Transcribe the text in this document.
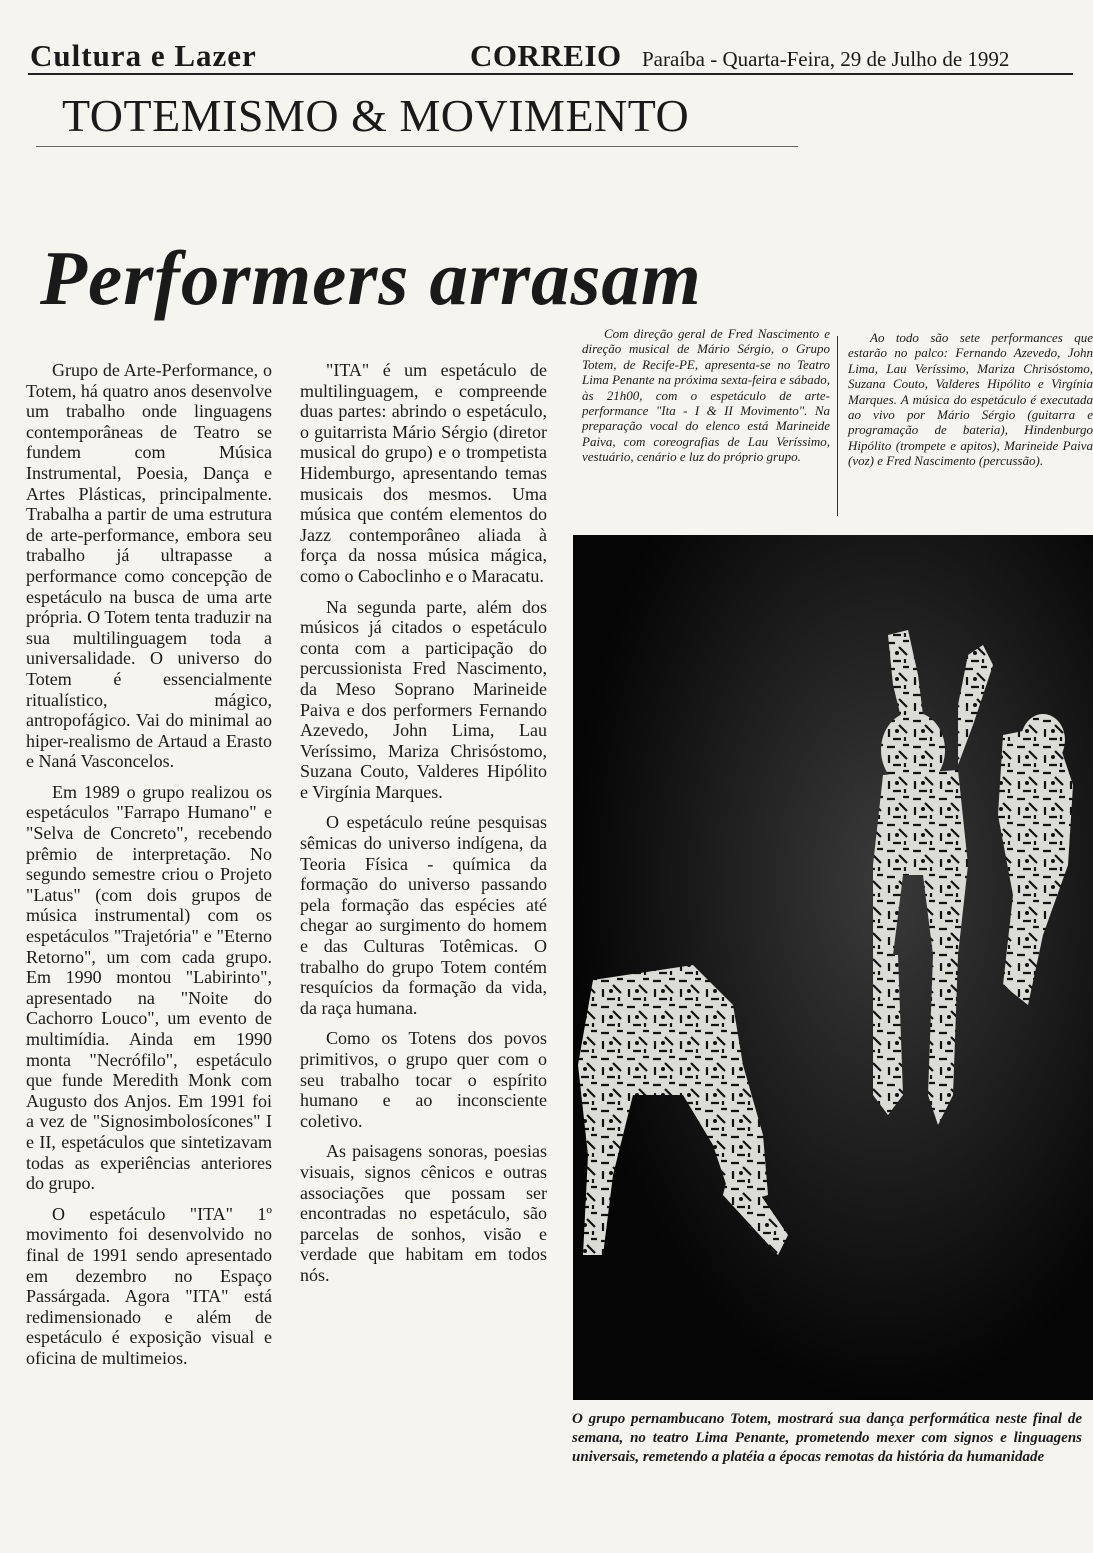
Cultura e Lazer	CORREIO Paraíba - Quarta-Feira, 29 de Julho de 1992
TOTEMISMO & MOVIMENTO
Performers arrasam

Com direção geral de Fred Nascimento e direção musical de Mário Sérgio, o Grupo Totem, de Recife-PE, apresenta-se no Teatro Lima Penante na próxima sexta-feira e sábado, às 21h00, com o espetáculo de arte-performance "Ita - I & II Movimento". Na preparação vocal do elenco está Marineide Paiva, com coreografias de Lau Veríssimo, vestuário, cenário e luz do próprio grupo.

Ao todo são sete performances que estarão no palco: Fernando Azevedo, John Lima, Lau Veríssimo, Mariza Chrisóstomo, Suzana Couto, Valderes Hipólito e Virgínia Marques. A música do espetáculo é executada ao vivo por Mário Sérgio (guitarra e programação de bateria), Hindenburgo Hipólito (trompete e apitos), Marineide Paiva (voz) e Fred Nascimento (percussão).

Grupo de Arte-Performance, o Totem, há quatro anos desenvolve um trabalho onde linguagens contemporâneas de Teatro se fundem com Música Instrumental, Poesia, Dança e Artes Plásticas, principalmente. Trabalha a partir de uma estrutura de arte-performance, embora seu trabalho já ultrapasse a performance como concepção de espetáculo na busca de uma arte própria. O Totem tenta traduzir na sua multilinguagem toda a universalidade. O universo do Totem é essencialmente ritualístico, mágico, antropofágico. Vai do minimal ao hiper-realismo de Artaud a Erasto e Naná Vasconcelos.

Em 1989 o grupo realizou os espetáculos "Farrapo Humano" e "Selva de Concreto", recebendo prêmio de interpretação. No segundo semestre criou o Projeto "Latus" (com dois grupos de música instrumental) com os espetáculos "Trajetória" e "Eterno Retorno", um com cada grupo. Em 1990 montou "Labirinto", apresentado na "Noite do Cachorro Louco", um evento de multimídia. Ainda em 1990 monta "Necrófilo", espetáculo que funde Meredith Monk com Augusto dos Anjos. Em 1991 foi a vez de "Signosimbolosícones" I e II, espetáculos que sintetizavam todas as experiências anteriores do grupo.

O espetáculo "ITA" 1º movimento foi desenvolvido no final de 1991 sendo apresentado em dezembro no Espaço Passárgada. Agora "ITA" está redimensionado e além de espetáculo é exposição visual e oficina de multimeios.

"ITA" é um espetáculo de multilinguagem, e compreende duas partes: abrindo o espetáculo, o guitarrista Mário Sérgio (diretor musical do grupo) e o trompetista Hidemburgo, apresentando temas musicais dos mesmos. Uma música que contém elementos do Jazz contemporâneo aliada à força da nossa música mágica, como o Caboclinho e o Maracatu.

Na segunda parte, além dos músicos já citados o espetáculo conta com a participação do percussionista Fred Nascimento, da Meso Soprano Marineide Paiva e dos performers Fernando Azevedo, John Lima, Lau Veríssimo, Mariza Chrisóstomo, Suzana Couto, Valderes Hipólito e Virgínia Marques.

O espetáculo reúne pesquisas sêmicas do universo indígena, da Teoria Física - química da formação do universo passando pela formação das espécies até chegar ao surgimento do homem e das Culturas Totêmicas. O trabalho do grupo Totem contém resquícios da formação da vida, da raça humana.

Como os Totens dos povos primitivos, o grupo quer com o seu trabalho tocar o espírito humano e ao inconsciente coletivo.

As paisagens sonoras, poesias visuais, signos cênicos e outras associações que possam ser encontradas no espetáculo, são parcelas de sonhos, visão e verdade que habitam em todos nós.

O grupo pernambucano Totem, mostrará sua dança performática neste final de semana, no teatro Lima Penante, prometendo mexer com signos e linguagens universais, remetendo a platéia a épocas remotas da história da humanidade
